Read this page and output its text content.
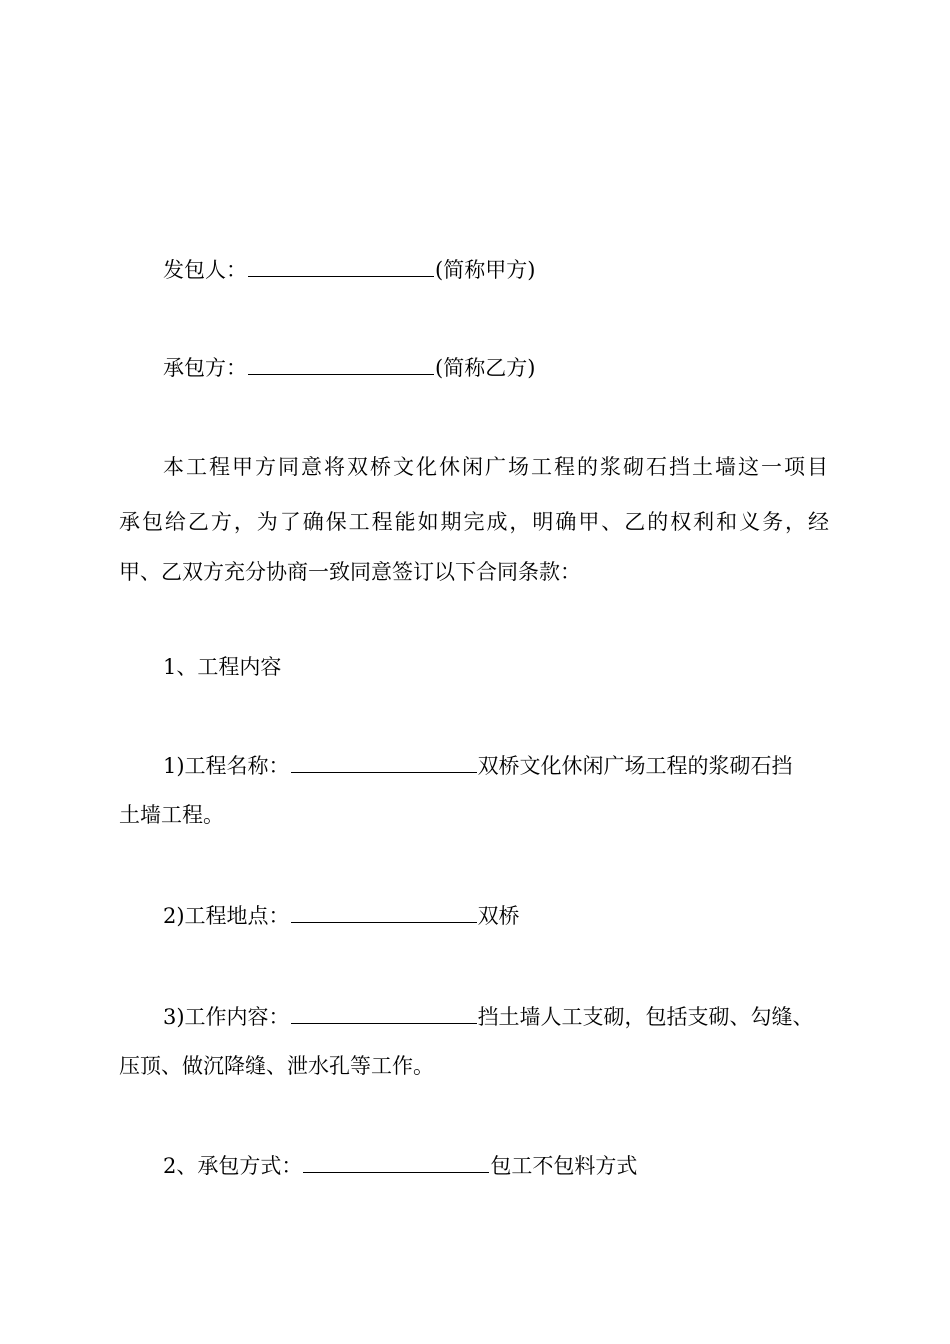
发包人：	(简称甲方)
承包方：	(简称乙方)
本工程甲方同意将双桥文化休闲广场工程的浆砌石挡土墙这一项目
承包给乙方，为了确保工程能如期完成，明确甲、乙的权利和义务，经
甲、乙双方充分协商一致同意签订以下合同条款：
1、工程内容
1)工程名称：	双桥文化休闲广场工程的浆砌石挡
土墙工程。
2)工程地点：	双桥
3)工作内容：	挡土墙人工支砌，包括支砌、勾缝、
压顶、做沉降缝、泄水孔等工作。
2、承包方式：	包工不包料方式
